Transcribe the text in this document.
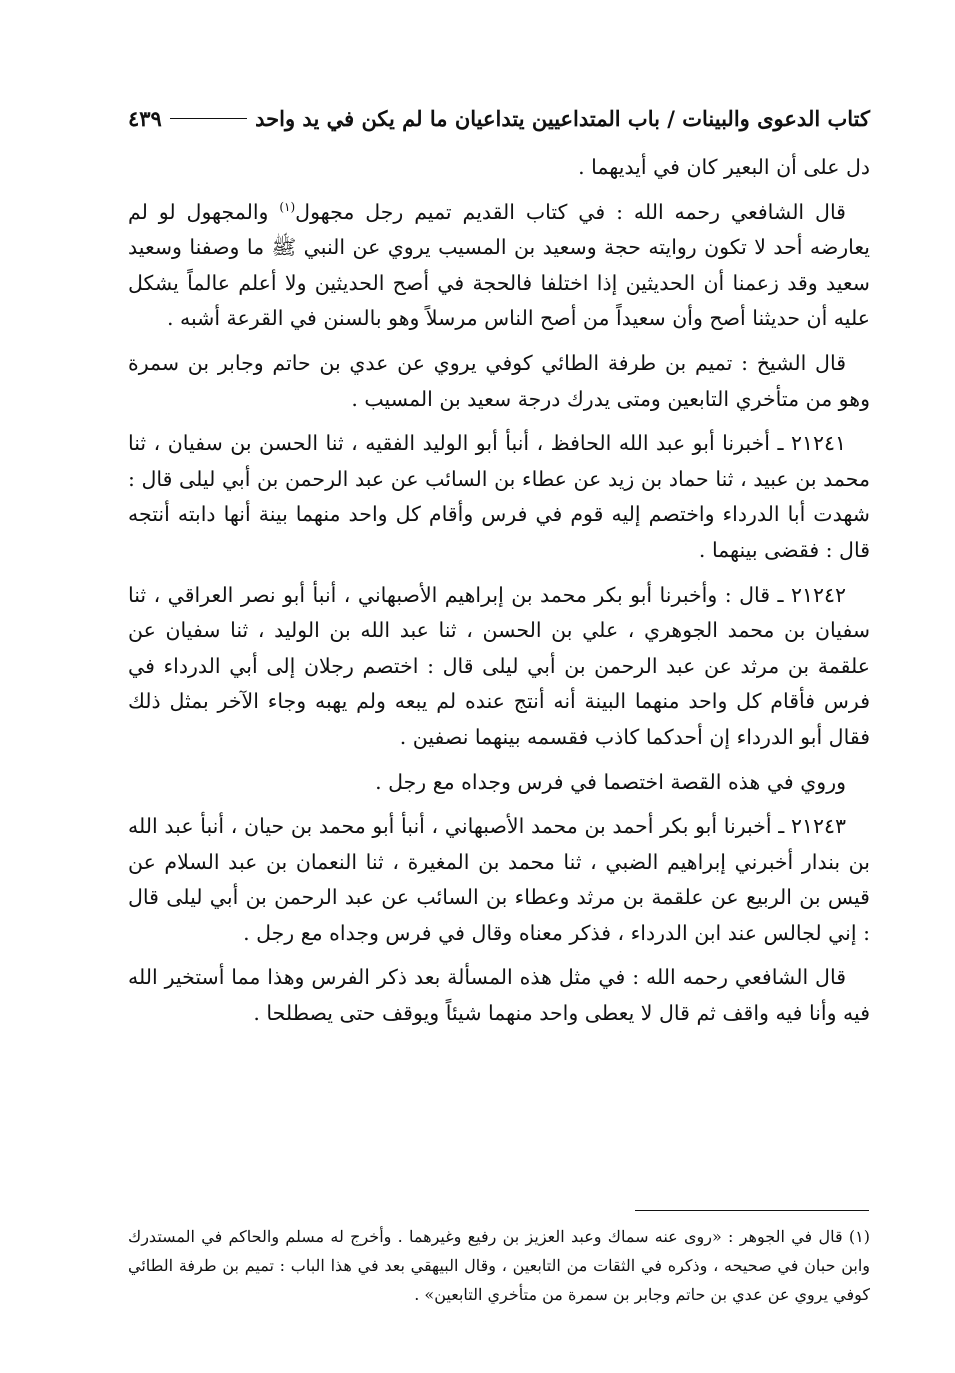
كتاب الدعوى والبينات / باب المتداعيين يتداعيان ما لم يكن في يد واحد
٤٣٩

دل على أن البعير كان في أيديهما .

قال الشافعي رحمه الله : في كتاب القديم تميم رجل مجهول$^{(١)}$ والمجهول لو لم يعارضه أحد لا تكون روايته حجة وسعيد بن المسيب يروي عن النبي ﷺ ما وصفنا وسعيد سعيد وقد زعمنا أن الحديثين إذا اختلفا فالحجة في أصح الحديثين ولا أعلم عالماً يشكل عليه أن حديثنا أصح وأن سعيداً من أصح الناس مرسلاً وهو بالسنن في القرعة أشبه .

قال الشيخ : تميم بن طرفة الطائي كوفي يروي عن عدي بن حاتم وجابر بن سمرة وهو من متأخري التابعين ومتى يدرك درجة سعيد بن المسيب .

٢١٢٤١ ـ أخبرنا أبو عبد الله الحافظ ، أنبأ أبو الوليد الفقيه ، ثنا الحسن بن سفيان ، ثنا محمد بن عبيد ، ثنا حماد بن زيد عن عطاء بن السائب عن عبد الرحمن بن أبي ليلى قال : شهدت أبا الدرداء واختصم إليه قوم في فرس وأقام كل واحد منهما بينة أنها دابته أنتجه قال : فقضى بينهما .

٢١٢٤٢ ـ قال : وأخبرنا أبو بكر محمد بن إبراهيم الأصبهاني ، أنبأ أبو نصر العراقي ، ثنا سفيان بن محمد الجوهري ، علي بن الحسن ، ثنا عبد الله بن الوليد ، ثنا سفيان عن علقمة بن مرثد عن عبد الرحمن بن أبي ليلى قال : اختصم رجلان إلى أبي الدرداء في فرس فأقام كل واحد منهما البينة أنه أنتج عنده لم يبعه ولم يهبه وجاء الآخر بمثل ذلك فقال أبو الدرداء إن أحدكما كاذب فقسمه بينهما نصفين .

وروي في هذه القصة اختصما في فرس وجداه مع رجل .

٢١٢٤٣ ـ أخبرنا أبو بكر أحمد بن محمد الأصبهاني ، أنبأ أبو محمد بن حيان ، أنبأ عبد الله بن بندار أخبرني إبراهيم الضبي ، ثنا محمد بن المغيرة ، ثنا النعمان بن عبد السلام عن قيس بن الربيع عن علقمة بن مرثد وعطاء بن السائب عن عبد الرحمن بن أبي ليلى قال : إني لجالس عند ابن الدرداء ، فذكر معناه وقال في فرس وجداه مع رجل .

قال الشافعي رحمه الله : في مثل هذه المسألة بعد ذكر الفرس وهذا مما أستخير الله فيه وأنا فيه واقف ثم قال لا يعطى واحد منهما شيئاً ويوقف حتى يصطلحا .

(١) قال في الجوهر : «روى عنه سماك وعبد العزيز بن رفيع وغيرهما . وأخرج له مسلم والحاكم في المستدرك وابن حبان في صحيحه ، وذكره في الثقات من التابعين ، وقال البيهقي بعد في هذا الباب : تميم بن طرفة الطائي كوفي يروي عن عدي بن حاتم وجابر بن سمرة من متأخري التابعين» .
